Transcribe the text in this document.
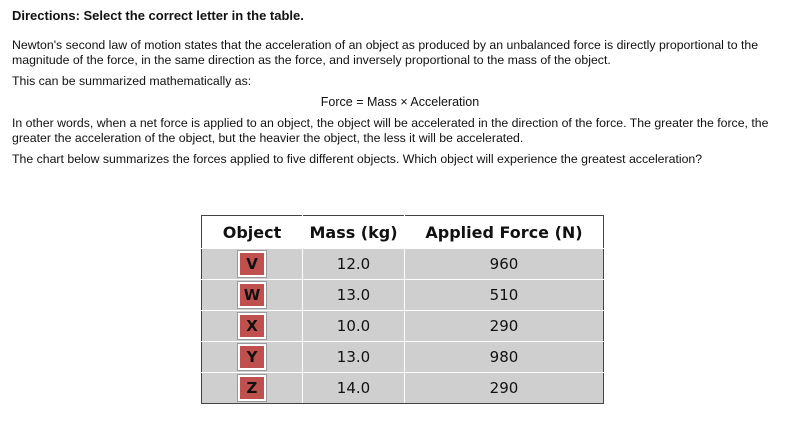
Directions: Select the correct letter in the table.

Newton's second law of motion states that the acceleration of an object as produced by an unbalanced force is directly proportional to the magnitude of the force, in the same direction as the force, and inversely proportional to the mass of the object.

This can be summarized mathematically as:

Force = Mass × Acceleration

In other words, when a net force is applied to an object, the object will be accelerated in the direction of the force. The greater the force, the greater the acceleration of the object, but the heavier the object, the less it will be accelerated.

The chart below summarizes the forces applied to five different objects. Which object will experience the greatest acceleration?

Object	Mass (kg)	Applied Force (N)
V	12.0	960
W	13.0	510
X	10.0	290
Y	13.0	980
Z	14.0	290
